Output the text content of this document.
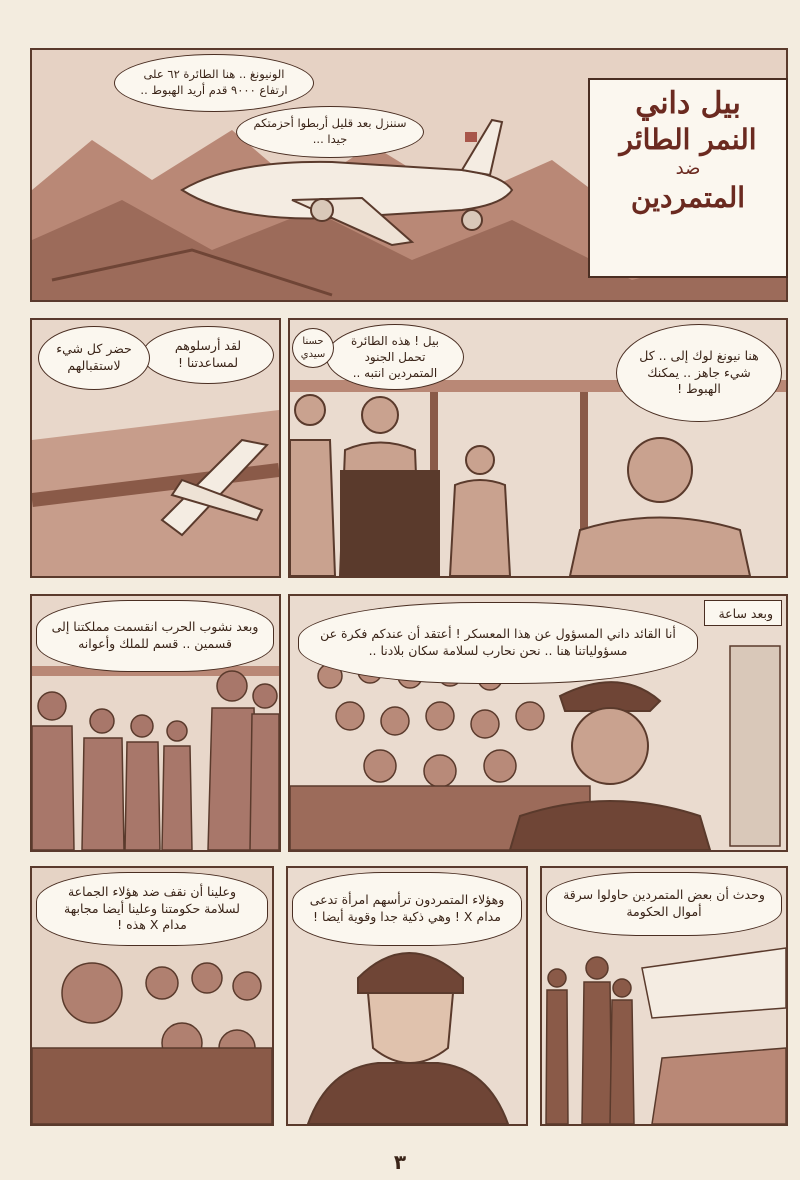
الونيونغ .. هنا الطائرة ٦٢ على ارتفاع ٩٠٠٠ قدم أريد الهبوط ..
سننزل بعد قليل أربطوا أحزمتكم جيدا ...
بيل داني
النمر الطائر
ضد
المتمردين
لقد أرسلوهم لمساعدتنا !
حضر كل شيء لاستقبالهم
هنا نيونغ لوك إلى .. كل شيء جاهز .. يمكنك الهبوط !
بيل ! هذه الطائرة تحمل الجنود المتمردين انتبه ..
حسنا سيدي
وبعد نشوب الحرب انقسمت مملكتنا إلى قسمين .. قسم للملك وأعوانه
وبعد ساعة
أنا القائد داني المسؤول عن هذا المعسكر ! أعتقد أن عندكم فكرة عن مسؤولياتنا هنا .. نحن نحارب لسلامة سكان بلادنا ..
وعلينا أن نقف ضد هؤلاء الجماعة لسلامة حكومتنا وعلينا أيضا مجابهة مدام X هذه !
وهؤلاء المتمردون ترأسهم امرأة تدعى مدام X ! وهي ذكية جدا وقوية أيضا !
وحدث أن بعض المتمردين حاولوا سرقة أموال الحكومة
٣
